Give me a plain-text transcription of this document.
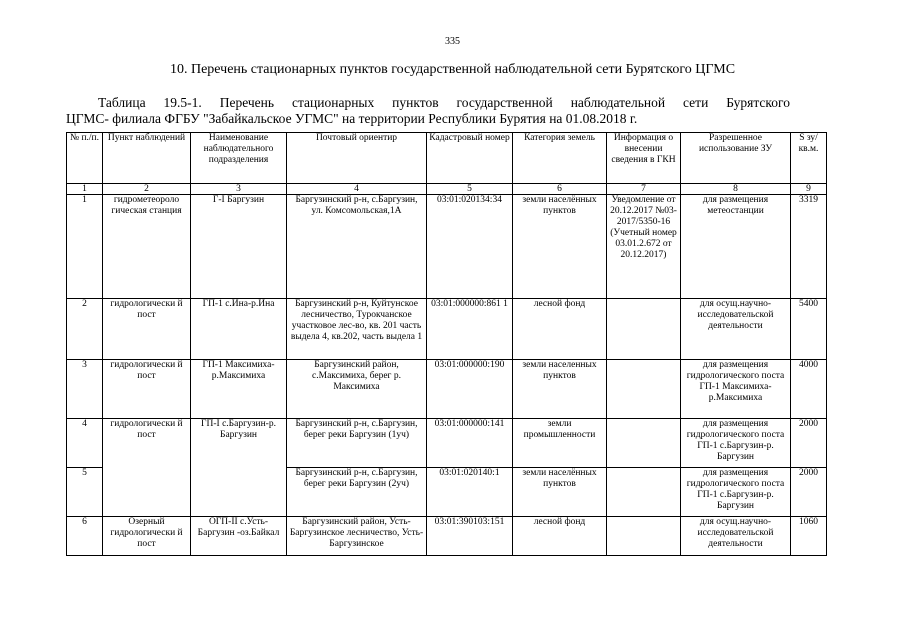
335
10. Перечень стационарных пунктов государственной наблюдательной сети Бурятского ЦГМС
Таблица 19.5-1. Перечень стационарных пунктов государственной наблюдательной сети Бурятского
ЦГМС- филиала ФГБУ "Забайкальское УГМС" на территории Республики Бурятия на 01.08.2018 г.
№ п./п.	Пункт наблюдений	Наименование наблюдательного подразделения	Почтовый ориентир	Кадастровый номер	Категория земель	Информация о внесении сведения в ГКН	Разрешенное использование ЗУ	S зу/кв.м.
1	2	3	4	5	6	7	8	9
1	гидрометеороло гическая станция	Г-I Баргузин	Баргузинский р-н, с.Баргузин, ул. Комсомольская,1А	03:01:020134:34	земли населённых пунктов	Уведомление от 20.12.2017 №03-2017/5350-16 (Учетный номер 03.01.2.672 от 20.12.2017)	для размещения метеостанции	3319
2	гидрологически й пост	ГП-1 с.Ина-р.Ина	Баргузинский р-н, Куйтунское лесничество, Турокчанское участковое лес-во, кв. 201 часть выдела 4, кв.202, часть выдела 1	03:01:000000:861 1	лесной фонд		для осущ.научно-исследовательской деятельности	5400
3	гидрологически й пост	ГП-1 Максимиха-р.Максимиха	Баргузинский район, с.Максимиха, берег р. Максимиха	03:01:000000:190	земли населенных пунктов		для размещения гидрологического поста ГП-1 Максимиха-р.Максимиха	4000
4	гидрологически й пост	ГП-I с.Баргузин-р. Баргузин	Баргузинский р-н, с.Баргузин, берег реки Баргузин (1уч)	03:01:000000:141	земли промышленности		для размещения гидрологического поста ГП-1 с.Баргузин-р. Баргузин	2000
5			Баргузинский р-н, с.Баргузин, берег реки Баргузин (2уч)	03:01:020140:1	земли населённых пунктов		для размещения гидрологического поста ГП-1 с.Баргузин-р. Баргузин	2000
6	Озерный гидрологически й пост	ОГП-II с.Усть-Баргузин -оз.Байкал	Баргузинский район, Усть-Баргузинское лесничество, Усть-Баргузинское	03:01:390103:151	лесной фонд		для осущ.научно-исследовательской деятельности	1060
